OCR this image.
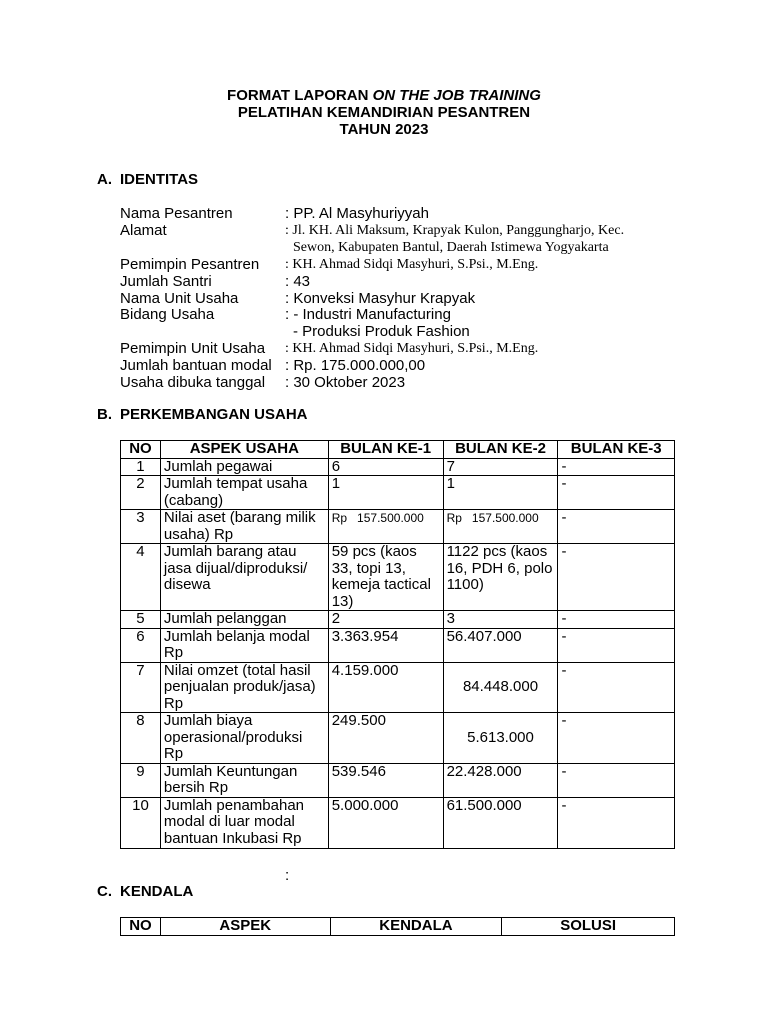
FORMAT LAPORAN ON THE JOB TRAINING
PELATIHAN KEMANDIRIAN PESANTREN
TAHUN 2023
A. IDENTITAS
Nama Pesantren	: PP. Al Masyhuriyyah
Alamat	: Jl. KH. Ali Maksum, Krapyak Kulon, Panggungharjo, Kec.
Sewon, Kabupaten Bantul, Daerah Istimewa Yogyakarta
Pemimpin Pesantren : KH. Ahmad Sidqi Masyhuri, S.Psi., M.Eng.
Jumlah Santri	: 43
Nama Unit Usaha	: Konveksi Masyhur Krapyak
Bidang Usaha	: - Industri Manufacturing
- Produksi Produk Fashion
Pemimpin Unit Usaha : KH. Ahmad Sidqi Masyhuri, S.Psi., M.Eng.
Jumlah bantuan modal : Rp. 175.000.000,00
Usaha dibuka tanggal : 30 Oktober 2023
B. PERKEMBANGAN USAHA
NO	ASPEK USAHA	BULAN KE-1	BULAN KE-2	BULAN KE-3
1	Jumlah pegawai	6	7	-
2	Jumlah tempat usaha (cabang)	1	1	-
3	Nilai aset (barang milik usaha) Rp	Rp   157.500.000	Rp   157.500.000	-
4	Jumlah barang atau jasa dijual/diproduksi/ disewa	59 pcs (kaos 33, topi 13, kemeja tactical 13)	1122 pcs (kaos 16, PDH 6, polo 1100)	-
5	Jumlah pelanggan	2	3	-
6	Jumlah belanja modal Rp	3.363.954	56.407.000	-
7	Nilai omzet (total hasil penjualan produk/jasa) Rp	4.159.000	84.448.000	-
8	Jumlah biaya operasional/produksi Rp	249.500	5.613.000	-
9	Jumlah Keuntungan bersih Rp	539.546	22.428.000	-
10	Jumlah penambahan modal di luar modal bantuan Inkubasi Rp	5.000.000	61.500.000	-
:
C. KENDALA
NO	ASPEK	KENDALA	SOLUSI
